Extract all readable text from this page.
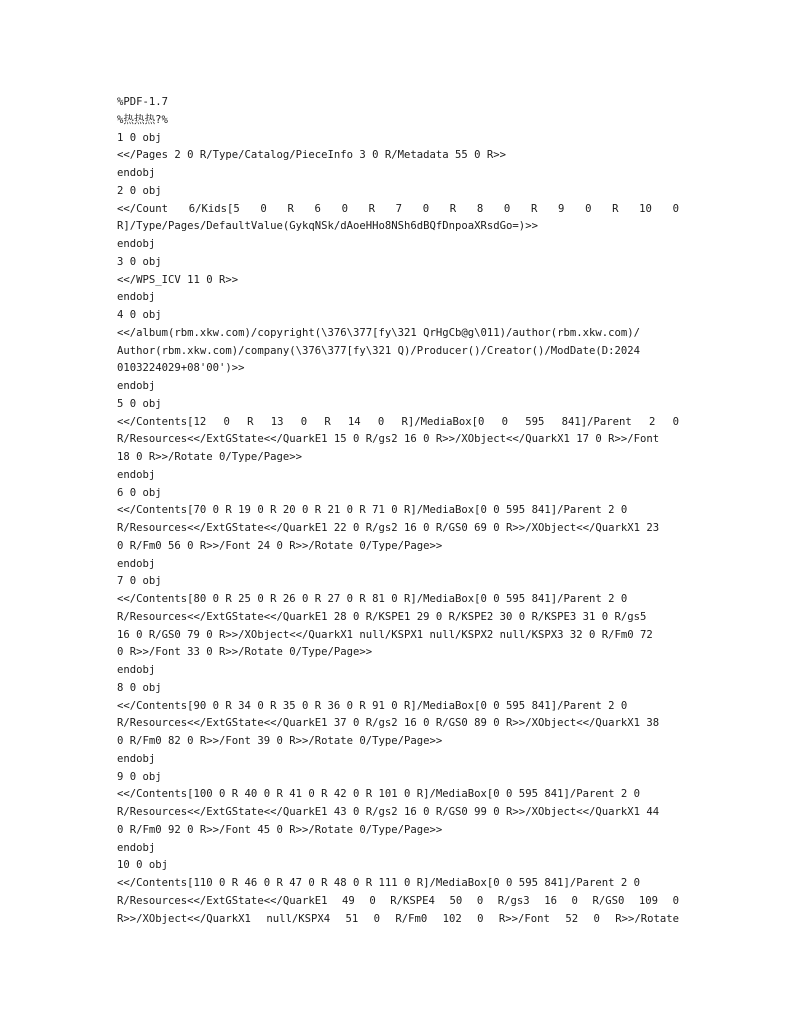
%PDF-1.7
%热热热?%
1 0 obj
<</Pages 2 0 R/Type/Catalog/PieceInfo 3 0 R/Metadata 55 0 R>>
endobj
2 0 obj
<</Count 6/Kids[5 0 R 6 0 R 7 0 R 8 0 R 9 0 R 10 0
R]/Type/Pages/DefaultValue(GykqNSk/dAoeHHo8NSh6dBQfDnpoaXRsdGo=)>>
endobj
3 0 obj
<</WPS_ICV 11 0 R>>
endobj
4 0 obj
<</album(rbm.xkw.com)/copyright(\376\377[fy\321 QrHgCb@g\011)/author(rbm.xkw.com)/
Author(rbm.xkw.com)/company(\376\377[fy\321 Q)/Producer()/Creator()/ModDate(D:2024
0103224029+08'00')>>
endobj
5 0 obj
<</Contents[12 0 R 13 0 R 14 0 R]/MediaBox[0 0 595 841]/Parent 2 0
R/Resources<</ExtGState<</QuarkE1 15 0 R/gs2 16 0 R>>/XObject<</QuarkX1 17 0 R>>/Font
18 0 R>>/Rotate 0/Type/Page>>
endobj
6 0 obj
<</Contents[70 0 R 19 0 R 20 0 R 21 0 R 71 0 R]/MediaBox[0 0 595 841]/Parent 2 0
R/Resources<</ExtGState<</QuarkE1 22 0 R/gs2 16 0 R/GS0 69 0 R>>/XObject<</QuarkX1 23
0 R/Fm0 56 0 R>>/Font 24 0 R>>/Rotate 0/Type/Page>>
endobj
7 0 obj
<</Contents[80 0 R 25 0 R 26 0 R 27 0 R 81 0 R]/MediaBox[0 0 595 841]/Parent 2 0
R/Resources<</ExtGState<</QuarkE1 28 0 R/KSPE1 29 0 R/KSPE2 30 0 R/KSPE3 31 0 R/gs5
16 0 R/GS0 79 0 R>>/XObject<</QuarkX1 null/KSPX1 null/KSPX2 null/KSPX3 32 0 R/Fm0 72
0 R>>/Font 33 0 R>>/Rotate 0/Type/Page>>
endobj
8 0 obj
<</Contents[90 0 R 34 0 R 35 0 R 36 0 R 91 0 R]/MediaBox[0 0 595 841]/Parent 2 0
R/Resources<</ExtGState<</QuarkE1 37 0 R/gs2 16 0 R/GS0 89 0 R>>/XObject<</QuarkX1 38
0 R/Fm0 82 0 R>>/Font 39 0 R>>/Rotate 0/Type/Page>>
endobj
9 0 obj
<</Contents[100 0 R 40 0 R 41 0 R 42 0 R 101 0 R]/MediaBox[0 0 595 841]/Parent 2 0
R/Resources<</ExtGState<</QuarkE1 43 0 R/gs2 16 0 R/GS0 99 0 R>>/XObject<</QuarkX1 44
0 R/Fm0 92 0 R>>/Font 45 0 R>>/Rotate 0/Type/Page>>
endobj
10 0 obj
<</Contents[110 0 R 46 0 R 47 0 R 48 0 R 111 0 R]/MediaBox[0 0 595 841]/Parent 2 0
R/Resources<</ExtGState<</QuarkE1 49 0 R/KSPE4 50 0 R/gs3 16 0 R/GS0 109 0
R>>/XObject<</QuarkX1 null/KSPX4 51 0 R/Fm0 102 0 R>>/Font 52 0 R>>/Rotate
